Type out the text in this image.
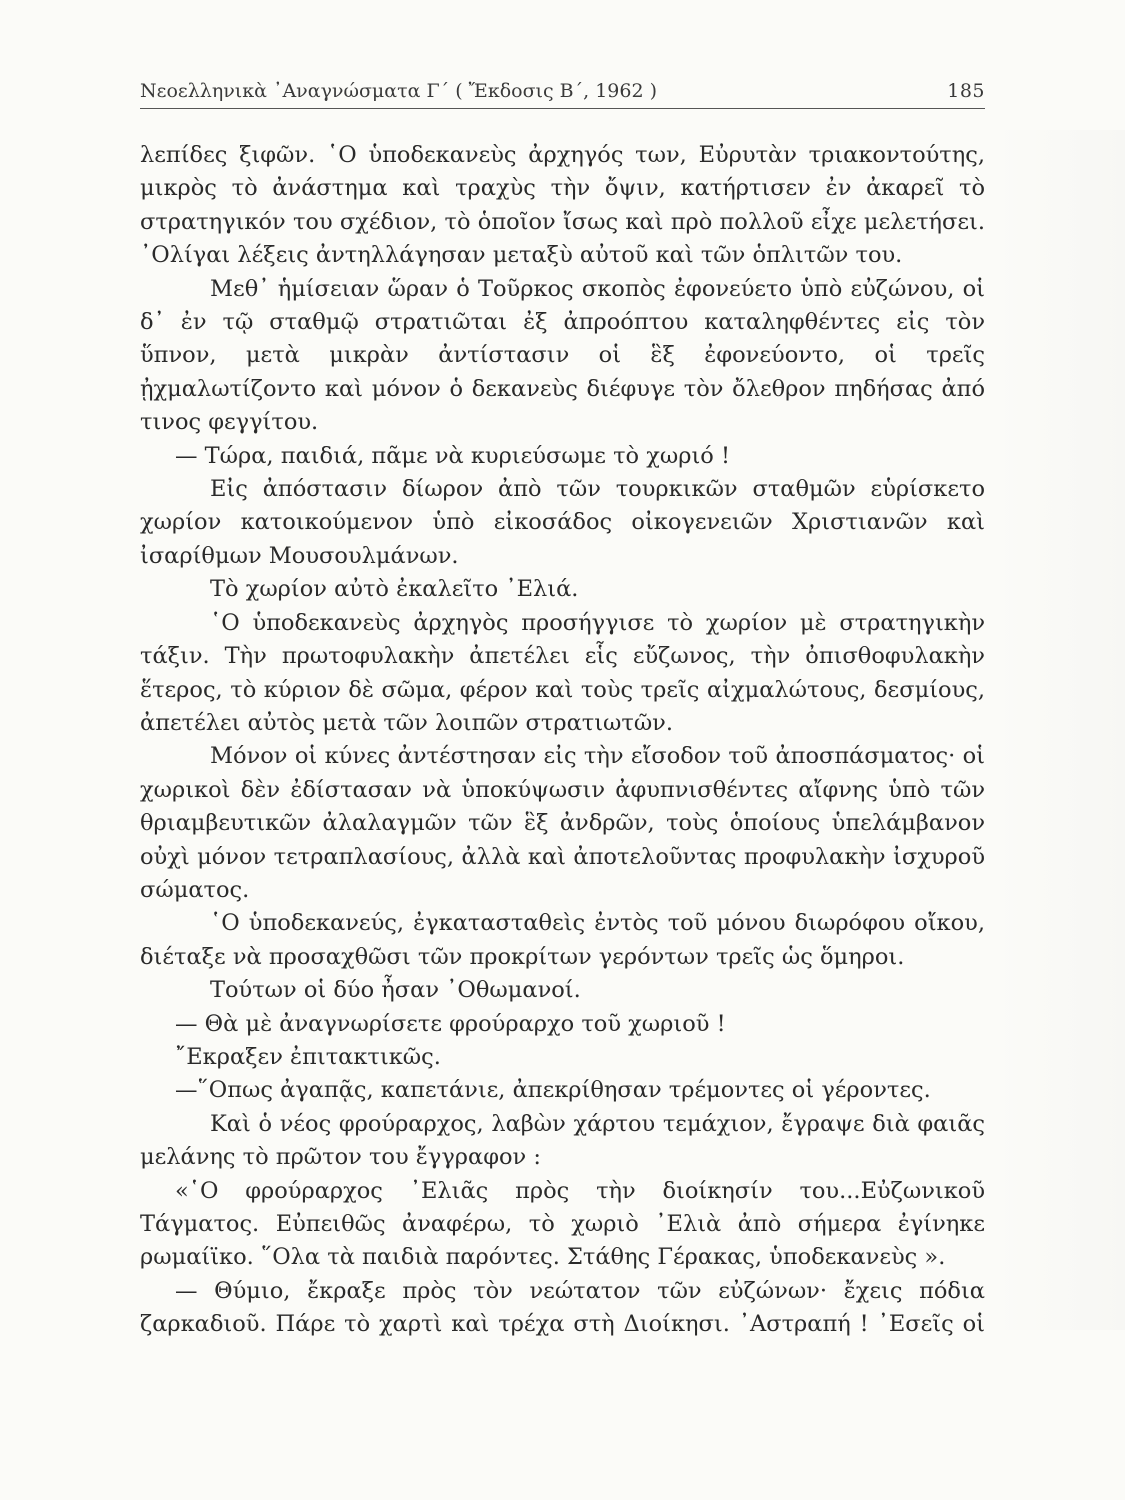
Νεοελληνικὰ ᾿Αναγνώσματα Γ´ ( Ἔκδοσις Β´, 1962 )	185

λεπίδες ξιφῶν. ῾Ο ὑποδεκανεὺς ἀρχηγός των, Εὐρυτὰν τριακοντούτης, μικρὸς τὸ ἀνάστημα καὶ τραχὺς τὴν ὄψιν, κατήρτισεν ἐν ἀκαρεῖ τὸ στρατηγικόν του σχέδιον, τὸ ὁποῖον ἴσως καὶ πρὸ πολλοῦ εἶχε μελετήσει. ᾿Ολίγαι λέξεις ἀντηλλάγησαν μεταξὺ αὐτοῦ καὶ τῶν ὁπλιτῶν του.

Μεθ᾿ ἡμίσειαν ὥραν ὁ Τοῦρκος σκοπὸς ἐφονεύετο ὑπὸ εὐζώνου, οἱ δ᾿ ἐν τῷ σταθμῷ στρατιῶται ἐξ ἀπροόπτου καταληφθέντες εἰς τὸν ὕπνον, μετὰ μικρὰν ἀντίστασιν οἱ ἓξ ἐφονεύοντο, οἱ τρεῖς ᾐχμαλωτίζοντο καὶ μόνον ὁ δεκανεὺς διέφυγε τὸν ὄλεθρον πηδήσας ἀπό τινος φεγγίτου.

— Τώρα, παιδιά, πᾶμε νὰ κυριεύσωμε τὸ χωριό !

Εἰς ἀπόστασιν δίωρον ἀπὸ τῶν τουρκικῶν σταθμῶν εὑρίσκετο χωρίον κατοικούμενον ὑπὸ εἰκοσάδος οἰκογενειῶν Χριστιανῶν καὶ ἰσαρίθμων Μουσουλμάνων.

Τὸ χωρίον αὐτὸ ἐκαλεῖτο ᾿Ελιά.

῾Ο ὑποδεκανεὺς ἀρχηγὸς προσήγγισε τὸ χωρίον μὲ στρατηγικὴν τάξιν. Τὴν πρωτοφυλακὴν ἀπετέλει εἷς εὔζωνος, τὴν ὀπισθοφυλακὴν ἕτερος, τὸ κύριον δὲ σῶμα, φέρον καὶ τοὺς τρεῖς αἰχμαλώτους, δεσμίους, ἀπετέλει αὐτὸς μετὰ τῶν λοιπῶν στρατιωτῶν.

Μόνον οἱ κύνες ἀντέστησαν εἰς τὴν εἴσοδον τοῦ ἀποσπάσματος· οἱ χωρικοὶ δὲν ἐδίστασαν νὰ ὑποκύψωσιν ἀφυπνισθέντες αἴφνης ὑπὸ τῶν θριαμβευτικῶν ἀλαλαγμῶν τῶν ἓξ ἀνδρῶν, τοὺς ὁποίους ὑπελάμβανον οὐχὶ μόνον τετραπλασίους, ἀλλὰ καὶ ἀποτελοῦντας προφυλακὴν ἰσχυροῦ σώματος.

῾Ο ὑποδεκανεύς, ἐγκατασταθεὶς ἐντὸς τοῦ μόνου διωρόφου οἴκου, διέταξε νὰ προσαχθῶσι τῶν προκρίτων γερόντων τρεῖς ὡς ὅμηροι.

Τούτων οἱ δύο ἦσαν ᾿Οθωμανοί.

— Θὰ μὲ ἀναγνωρίσετε φρούραρχο τοῦ χωριοῦ !

῎Εκραξεν ἐπιτακτικῶς.

—῞Οπως ἀγαπᾷς, καπετάνιε, ἀπεκρίθησαν τρέμοντες οἱ γέροντες.

Καὶ ὁ νέος φρούραρχος, λαβὼν χάρτου τεμάχιον, ἔγραψε διὰ φαιᾶς μελάνης τὸ πρῶτον του ἔγγραφον :

«῾Ο φρούραρχος ᾿Ελιᾶς πρὸς τὴν διοίκησίν του...Εὐζωνικοῦ Τάγματος. Εὐπειθῶς ἀναφέρω, τὸ χωριὸ ᾿Ελιὰ ἀπὸ σήμερα ἐγίνηκε ρωμαίϊκο. ῞Ολα τὰ παιδιὰ παρόντες. Στάθης Γέρακας, ὑποδεκανεὺς ».

— Θύμιο, ἔκραξε πρὸς τὸν νεώτατον τῶν εὐζώνων· ἔχεις πόδια ζαρκαδιοῦ. Πάρε τὸ χαρτὶ καὶ τρέχα στὴ Διοίκησι. ᾿Αστραπή ! ᾿Εσεῖς οἱ
